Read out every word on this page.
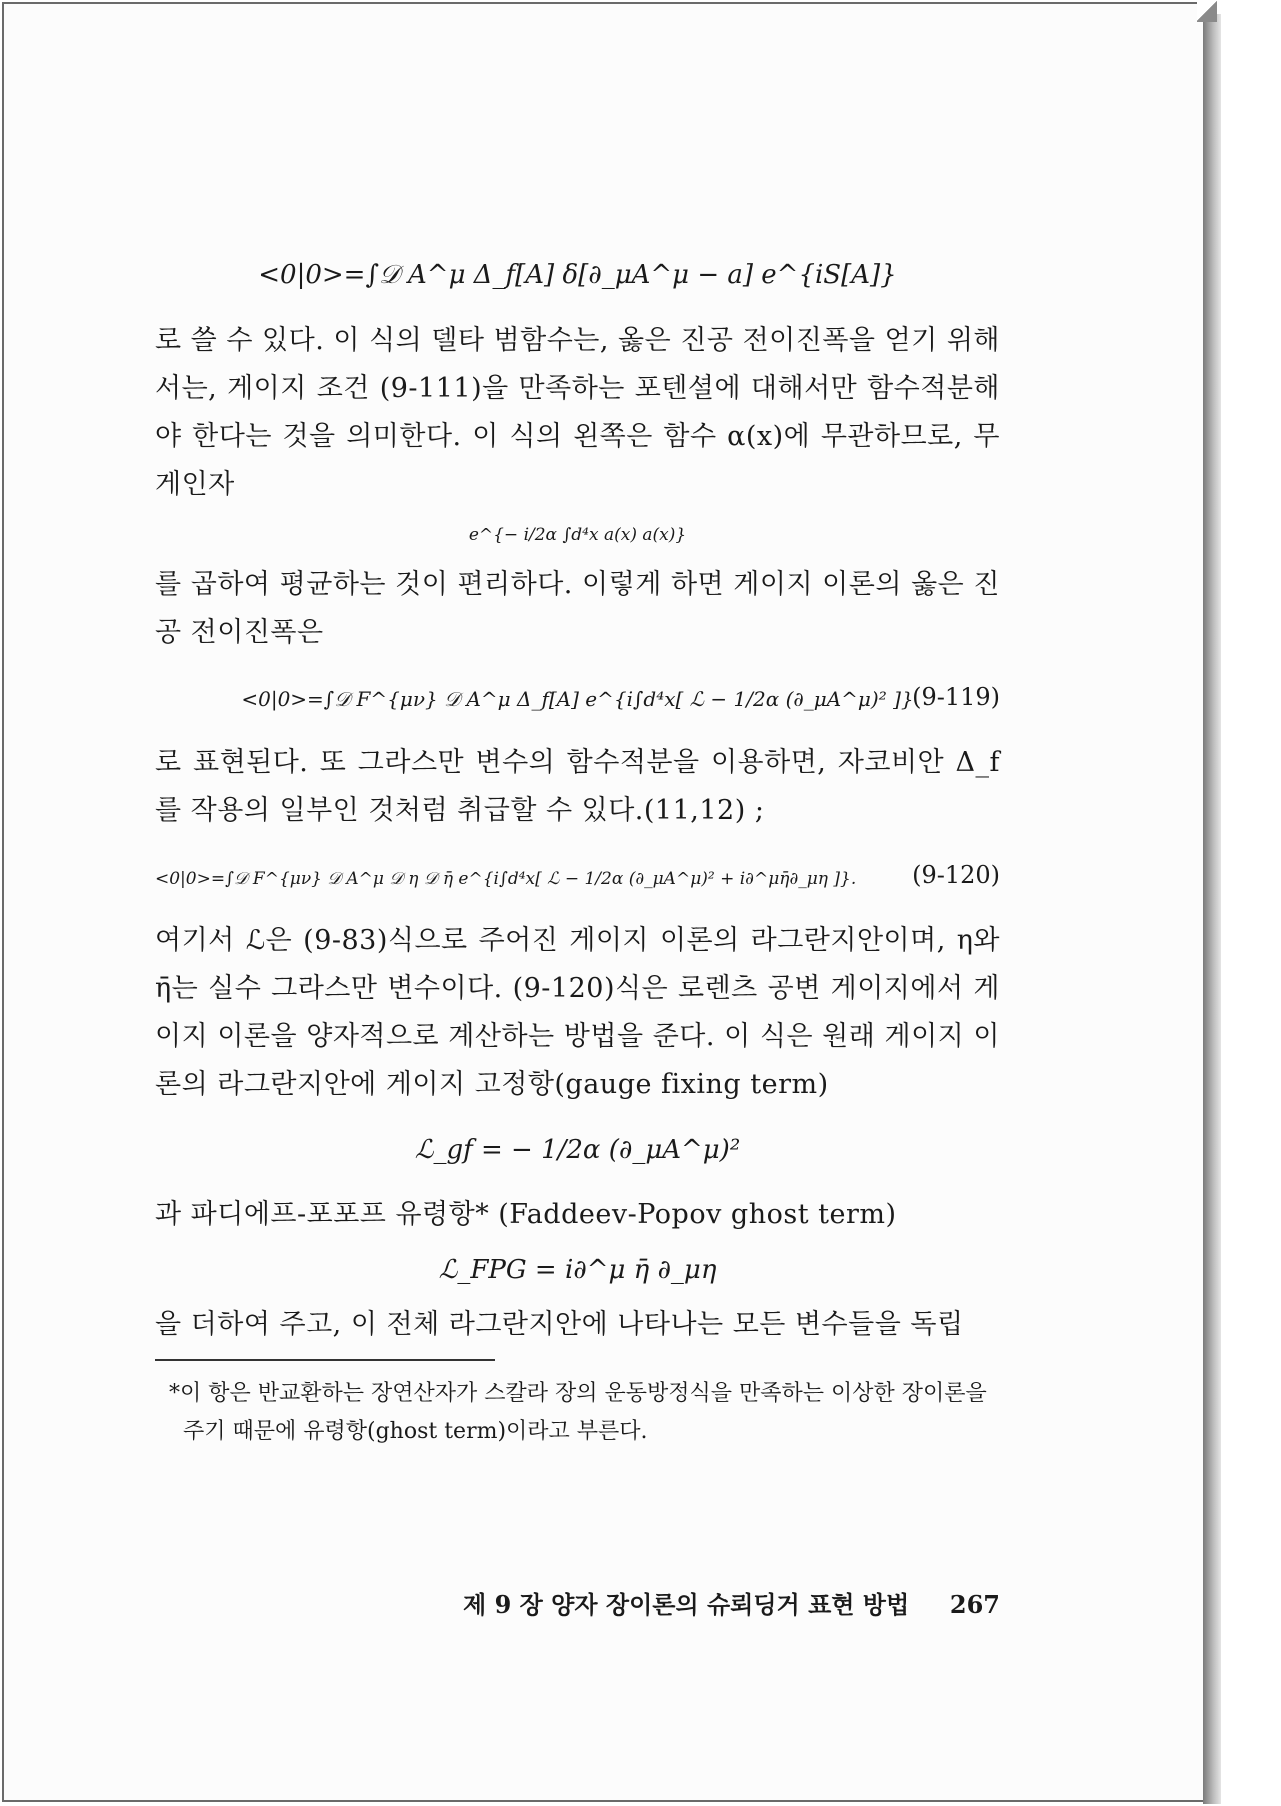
<0|0>=∫𝒟 A^μ Δ_f[A] δ[∂_μA^μ − a] e^{iS[A]}

로 쓸 수 있다. 이 식의 델타 범함수는, 옳은 진공 전이진폭을 얻기 위해서는, 게이지 조건 (9-111)을 만족하는 포텐셜에 대해서만 함수적분해야 한다는 것을 의미한다. 이 식의 왼쪽은 함수 α(x)에 무관하므로, 무게인자

e^{− i/2α ∫d⁴x a(x) a(x)}

를 곱하여 평균하는 것이 편리하다. 이렇게 하면 게이지 이론의 옳은 진공 전이진폭은

<0|0>=∫𝒟 F^{μν} 𝒟 A^μ Δ_f[A] e^{i∫d⁴x[ ℒ − 1/2α (∂_μA^μ)² ]}
(9-119)

로 표현된다. 또 그라스만 변수의 함수적분을 이용하면, 자코비안 Δ_f를 작용의 일부인 것처럼 취급할 수 있다.(11,12) ;

<0|0>=∫𝒟 F^{μν} 𝒟 A^μ 𝒟 η 𝒟 η̄ e^{i∫d⁴x[ ℒ − 1/2α (∂_μA^μ)² + i∂^μη̄∂_μη ]}. (9-120)

여기서 ℒ은 (9-83)식으로 주어진 게이지 이론의 라그란지안이며, η와 η̄는 실수 그라스만 변수이다. (9-120)식은 로렌츠 공변 게이지에서 게이지 이론을 양자적으로 계산하는 방법을 준다. 이 식은 원래 게이지 이론의 라그란지안에 게이지 고정항(gauge fixing term)

ℒ_gf = − 1/2α (∂_μA^μ)²

과 파디에프-포포프 유령항* (Faddeev-Popov ghost term)

ℒ_FPG = i∂^μ η̄ ∂_μη

을 더하여 주고, 이 전체 라그란지안에 나타나는 모든 변수들을 독립

*이 항은 반교환하는 장연산자가 스칼라 장의 운동방정식을 만족하는 이상한 장이론을 주기 때문에 유령항(ghost term)이라고 부른다.
제 9 장 양자 장이론의 슈뢰딩거 표현 방법 267
